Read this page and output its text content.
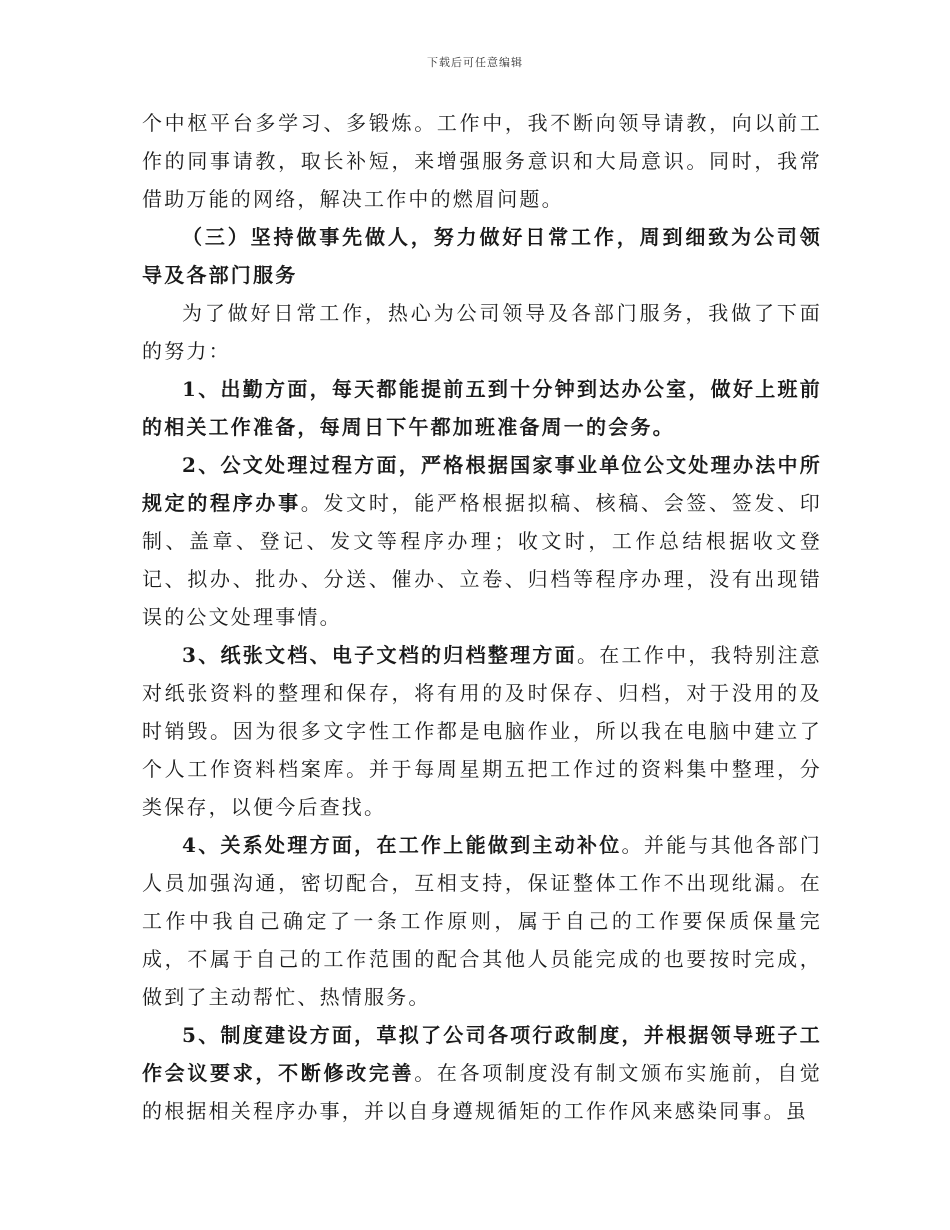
下载后可任意编辑

个中枢平台多学习、多锻炼。工作中，我不断向领导请教，向以前工作的同事请教，取长补短，来增强服务意识和大局意识。同时，我常借助万能的网络，解决工作中的燃眉问题。

（三）坚持做事先做人，努力做好日常工作，周到细致为公司领导及各部门服务

为了做好日常工作，热心为公司领导及各部门服务，我做了下面的努力：

1、出勤方面，每天都能提前五到十分钟到达办公室，做好上班前的相关工作准备，每周日下午都加班准备周一的会务。

2、公文处理过程方面，严格根据国家事业单位公文处理办法中所规定的程序办事。发文时，能严格根据拟稿、核稿、会签、签发、印制、盖章、登记、发文等程序办理；收文时，工作总结根据收文登记、拟办、批办、分送、催办、立卷、归档等程序办理，没有出现错误的公文处理事情。

3、纸张文档、电子文档的归档整理方面。在工作中，我特别注意对纸张资料的整理和保存，将有用的及时保存、归档，对于没用的及时销毁。因为很多文字性工作都是电脑作业，所以我在电脑中建立了个人工作资料档案库。并于每周星期五把工作过的资料集中整理，分类保存，以便今后查找。

4、关系处理方面，在工作上能做到主动补位。并能与其他各部门人员加强沟通，密切配合，互相支持，保证整体工作不出现纰漏。在工作中我自己确定了一条工作原则，属于自己的工作要保质保量完成，不属于自己的工作范围的配合其他人员能完成的也要按时完成，做到了主动帮忙、热情服务。

5、制度建设方面，草拟了公司各项行政制度，并根据领导班子工作会议要求，不断修改完善。在各项制度没有制文颁布实施前，自觉的根据相关程序办事，并以自身遵规循矩的工作作风来感染同事。虽
